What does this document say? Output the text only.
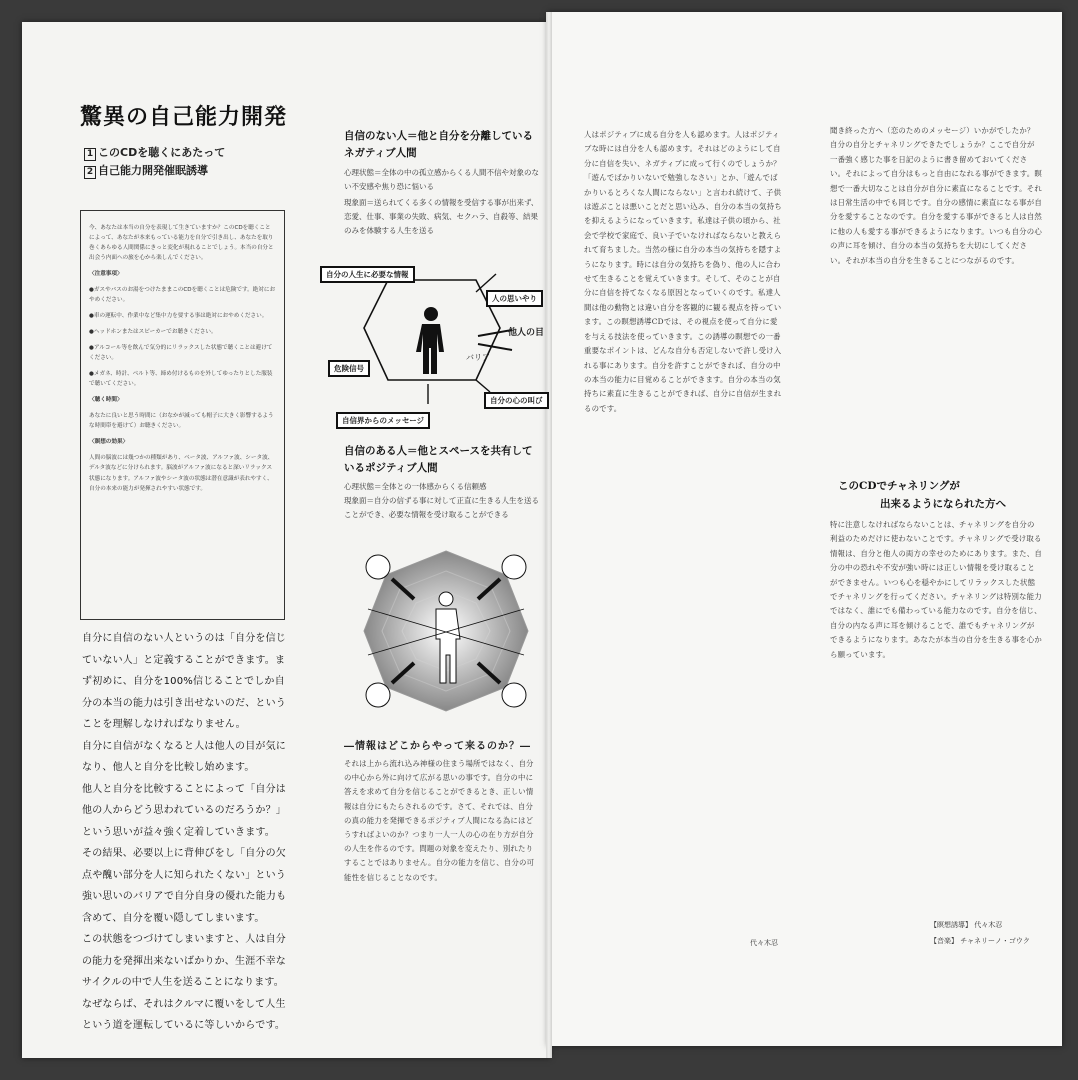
驚異の自己能力開発
1 このCDを聴くにあたって
2 自己能力開発催眠誘導

今、あなたは本当の自分を表現して生きていますか？このCDを聴くことによって、あなたが本来もっている能力を自分で引き出し、あなたを取り巻くあらゆる人間関係にきっと変化が現れることでしょう。本当の自分と出会う内面への旅を心から楽しんでください。

〈注意事項〉

●ガスやバスのお湯をつけたままこのCDを聴くことは危険です。絶対におやめください。

●車の運転中、作業中など集中力を要する事は絶対におやめください。

●ヘッドホンまたはスピーカーでお聴きください。

●アルコール等を飲んで気分的にリラックスした状態で聴くことは避けてください。

●メガネ、時計、ベルト等、締め付けるものを外してゆったりとした服装で聴いてください。

〈聴く時間〉

あなたに良いと思う時間に（おなかが減っても帽子に大きく影響するような時間帯を避けて）お聴きください。

〈瞑想の効果〉

人間の脳波には幾つかの種類があり、ベータ波、アルファ波、シータ波、デルタ波などに分けられます。脳波がアルファ波になると深いリラックス状態になります。アルファ波やシータ波の状態は潜在意識が表れやすく、自分の本来の能力が発揮されやすい状態です。

自分に自信のない人というのは「自分を信じていない人」と定義することができます。まず初めに、自分を100%信じることでしか自分の本当の能力は引き出せないのだ、ということを理解しなければなりません。

自分に自信がなくなると人は他人の目が気になり、他人と自分を比較し始めます。

他人と自分を比較することによって「自分は他の人からどう思われているのだろうか？」という思いが益々強く定着していきます。

その結果、必要以上に背伸びをし「自分の欠点や醜い部分を人に知られたくない」という強い思いのバリアで自分自身の優れた能力も含めて、自分を覆い隠してしまいます。

この状態をつづけてしまいますと、人は自分の能力を発揮出来ないばかりか、生涯不幸なサイクルの中で人生を送ることになります。なぜならば、それはクルマに覆いをして人生という道を運転しているに等しいからです。

自信のない人＝他と自分を分離しているネガティブ人間
心理状態＝全体の中の孤立感からくる人間不信や対象のない不安感や焦り恐に悩いる
現象面＝送られてくる多くの情報を受信する事が出来ず、恋愛、仕事、事業の失敗、病気、セクハラ、自殺等、結果のみを体験する人生を送る
自分の人生に必要な情報
人の思いやり
他人の目
バリア
危険信号
自分の心の叫び
自信界からのメッセージ
自信のある人＝他とスペースを共有しているポジティブ人間
心理状態＝全体との一体感からくる信頼感
現象面＝自分の信ずる事に対して正直に生きる人生を送ることができ、必要な情報を受け取ることができる
―情報はどこからやって来るのか？―
それは上から流れ込み神様の住まう場所ではなく、自分の中心から外に向けて広がる思いの事です。自分の中に答えを求めて自分を信じることができるとき、正しい情報は自分にもたらされるのです。さて、それでは、自分の真の能力を発揮できるポジティブ人間になる為にはどうすればよいのか？つまり一人一人の心の在り方が自分の人生を作るのです。問題の対象を変えたり、別れたりすることではありません。自分の能力を信じ、自分の可能性を信じることなのです。
人はポジティブに成る自分を人も認めます。人はポジティブな時には自分を人も認めます。それはどのようにして自分に自信を失い、ネガティブに成って行くのでしょうか？「遊んでばかりいないで勉強しなさい」とか、「遊んでばかりいるとろくな人間にならない」と言われ続けて、子供は遊ぶことは悪いことだと思い込み、自分の本当の気持ちを抑えるようになっていきます。私達は子供の頃から、社会で学校で家庭で、良い子でいなければならないと教えられて育ちました。当然の様に自分の本当の気持ちを隠すようになります。時には自分の気持ちを偽り、他の人に合わせて生きることを覚えていきます。そして、そのことが自分に自信を持てなくなる原因となっていくのです。私達人間は他の動物とは違い自分を客観的に観る視点を持っています。この瞑想誘導CDでは、その視点を使って自分に愛を与える技法を使っていきます。この誘導の瞑想での一番重要なポイントは、どんな自分も否定しないで許し受け入れる事にあります。自分を許すことができれば、自分の中の本当の能力に目覚めることができます。自分の本当の気持ちに素直に生きることができれば、自分に自信が生まれるのです。
代々木忍
聞き終った方へ（恋のためのメッセージ）いかがでしたか？自分の自分とチャネリングできたでしょうか？ここで自分が一番強く感じた事を日記のように書き留めておいてください。それによって自分はもっと自由になれる事ができます。瞑想で一番大切なことは自分が自分に素直になることです。それは日常生活の中でも同じです。自分の感情に素直になる事が自分を愛することなのです。自分を愛する事ができると人は自然に他の人も愛する事ができるようになります。いつも自分の心の声に耳を傾け、自分の本当の気持ちを大切にしてください。それが本当の自分を生きることにつながるのです。
このCDでチャネリングが
出来るようになられた方へ
特に注意しなければならないことは、チャネリングを自分の利益のためだけに使わないことです。チャネリングで受け取る情報は、自分と他人の両方の幸せのためにあります。また、自分の中の恐れや不安が強い時には正しい情報を受け取ることができません。いつも心を穏やかにしてリラックスした状態でチャネリングを行ってください。チャネリングは特別な能力ではなく、誰にでも備わっている能力なのです。自分を信じ、自分の内なる声に耳を傾けることで、誰でもチャネリングができるようになります。あなたが本当の自分を生きる事を心から願っています。
【瞑想誘導】 代々木忍
【音楽】 チャネリーノ・ゴウク
